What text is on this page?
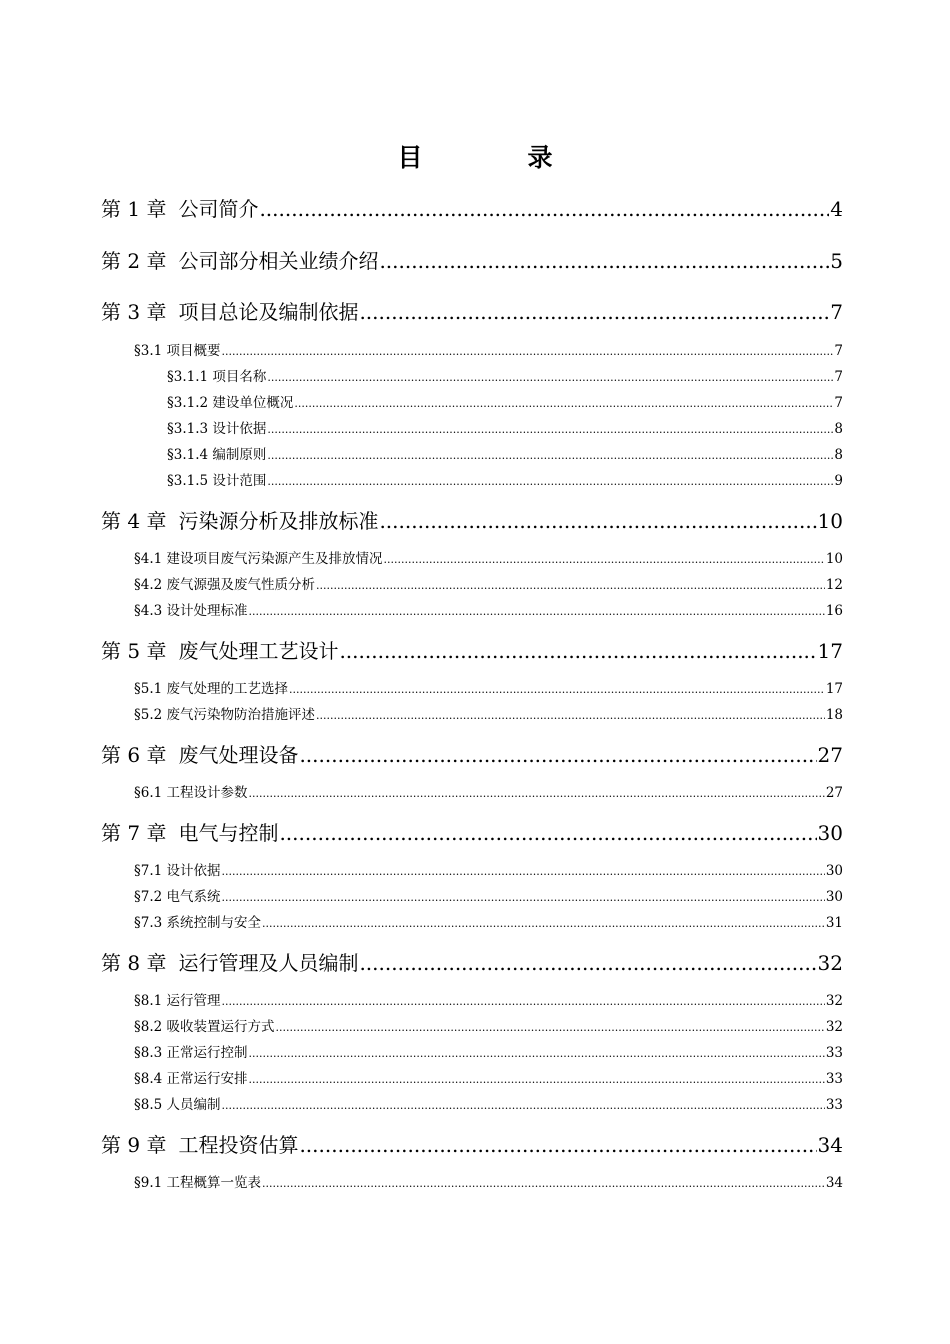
目　录
第 1 章 公司简介 .....	4
第 2 章 公司部分相关业绩介绍 .....	5
第 3 章 项目总论及编制依据 .....	7
§3.1 项目概要 .....	7
§3.1.1 项目名称 .....	7
§3.1.2 建设单位概况 .....	7
§3.1.3 设计依据 .....	8
§3.1.4 编制原则 .....	8
§3.1.5 设计范围 .....	9
第 4 章 污染源分析及排放标准 .....	10
§4.1 建设项目废气污染源产生及排放情况 .....	10
§4.2 废气源强及废气性质分析 .....	12
§4.3 设计处理标准 .....	16
第 5 章 废气处理工艺设计 .....	17
§5.1 废气处理的工艺选择 .....	17
§5.2 废气污染物防治措施评述 .....	18
第 6 章 废气处理设备 .....	27
§6.1 工程设计参数 .....	27
第 7 章 电气与控制 .....	30
§7.1 设计依据 .....	30
§7.2 电气系统 .....	30
§7.3 系统控制与安全 .....	31
第 8 章 运行管理及人员编制 .....	32
§8.1 运行管理 .....	32
§8.2 吸收装置运行方式 .....	32
§8.3 正常运行控制 .....	33
§8.4 正常运行安排 .....	33
§8.5 人员编制 .....	33
第 9 章 工程投资估算 .....	34
§9.1 工程概算一览表 .....	34
